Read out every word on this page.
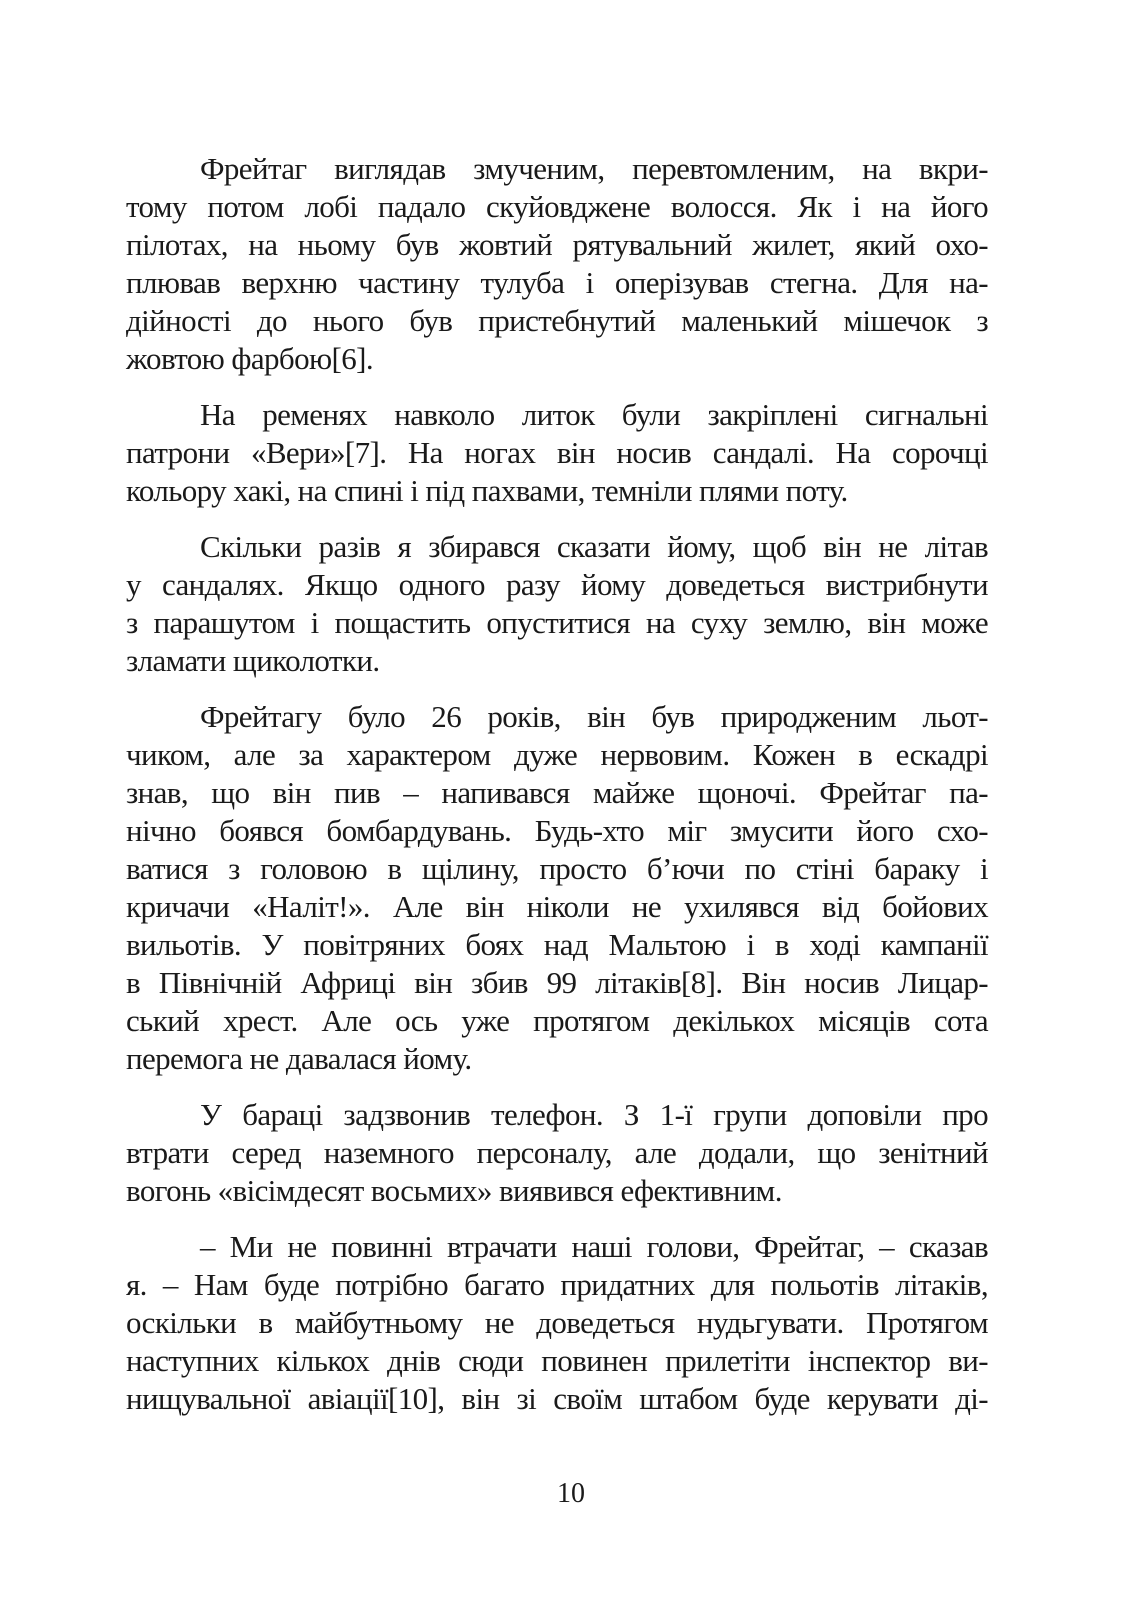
Фрейтаг виглядав змученим, перевтомленим, на вкри-
тому потом лобі падало скуйовджене волосся. Як і на його
пілотах, на ньому був жовтий рятувальний жилет, який охо-
плював верхню частину тулуба і оперізував стегна. Для на-
дійності до нього був пристебнутий маленький мішечок з
жовтою фарбою[6].

На ременях навколо литок були закріплені сигнальні
патрони «Вери»[7]. На ногах він носив сандалі. На сорочці
кольору хакі, на спині і під пахвами, темніли плями поту.

Скільки разів я збирався сказати йому, щоб він не літав
у сандалях. Якщо одного разу йому доведеться вистрибнути
з парашутом і пощастить опуститися на суху землю, він може
зламати щиколотки.

Фрейтагу було 26 років, він був природженим льот-
чиком, але за характером дуже нервовим. Кожен в ескадрі
знав, що він пив – напивався майже щоночі. Фрейтаг па-
нічно боявся бомбардувань. Будь-хто міг змусити його схо-
ватися з головою в щілину, просто б’ючи по стіні бараку і
кричачи «Наліт!». Але він ніколи не ухилявся від бойових
вильотів. У повітряних боях над Мальтою і в ході кампанії
в Північній Африці він збив 99 літаків[8]. Він носив Лицар-
ський хрест. Але ось уже протягом декількох місяців сота
перемога не давалася йому.

У бараці задзвонив телефон. З 1-ї групи доповіли про
втрати серед наземного персоналу, але додали, що зенітний
вогонь «вісімдесят восьмих» виявився ефективним.

– Ми не повинні втрачати наші голови, Фрейтаг, – сказав
я. – Нам буде потрібно багато придатних для польотів літаків,
оскільки в майбутньому не доведеться нудьгувати. Протягом
наступних кількох днів сюди повинен прилетіти інспектор ви-
нищувальної авіації[10], він зі своїм штабом буде керувати ді-

10
